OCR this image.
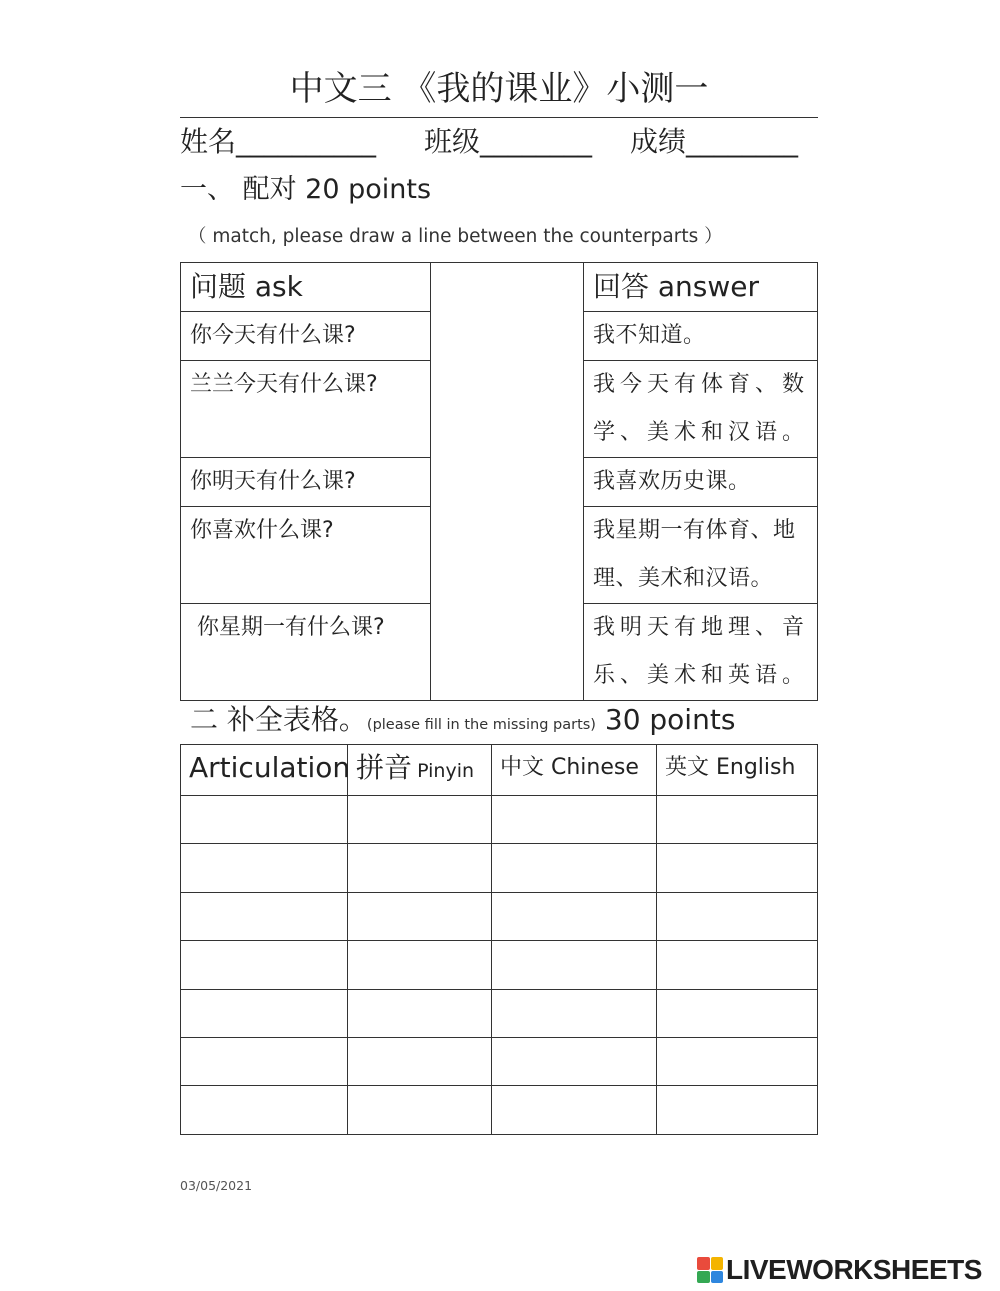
中文三 《我的课业》小测一
姓名__________ 班级________ 成绩________
一、 配对 20 points
（ match, please draw a line between the counterparts ）
问题 ask		回答 answer
你今天有什么课?		我不知道。
兰兰今天有什么课?		我今天有体育、数
学、美术和汉语。

你明天有什么课?		我喜欢历史课。
你喜欢什么课?		我星期一有体育、地
理、美术和汉语。

你星期一有什么课?		我明天有地理、音
乐、美术和英语。

二 补全表格。(please fill in the missing parts) 30 points
Articulation	拼音 Pinyin	中文 Chinese	英文 English

03/05/2021
LIVEWORKSHEETS
